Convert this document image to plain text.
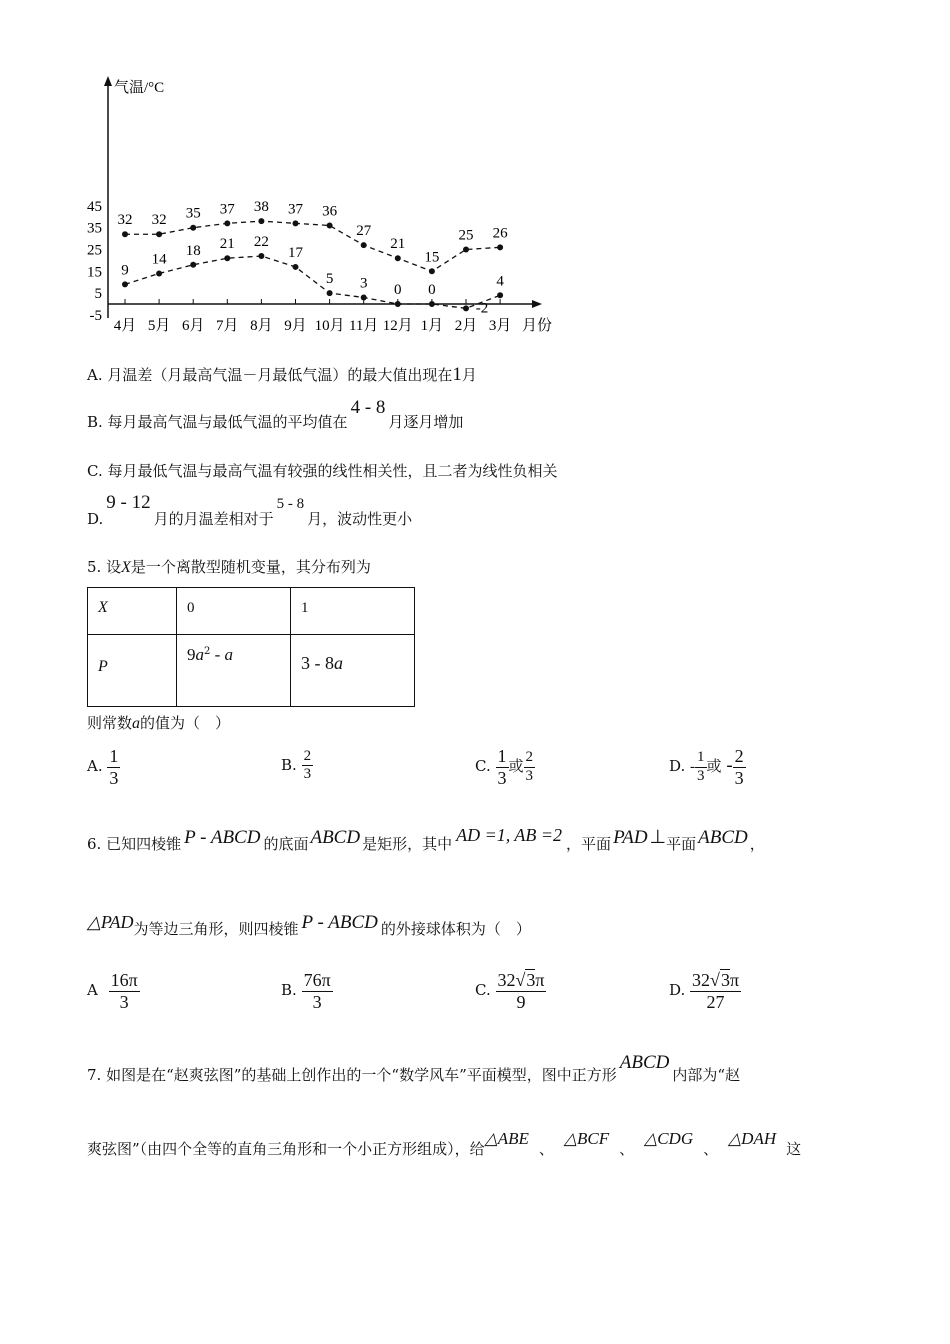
气温/°C
月份
45
35
25
15
5
-5
4月 5月 6月 7月 8月 9月 10月 11月 12月 1月 2月 3月
32 32 35 37 38 37 36
27
21
15
25 26
9
14
18 21 22
17
5 3 0 0
-2
4
A. 月温差（月最高气温－月最低气温）的最大值出现在1月
B. 每月最高气温与最低气温的平均值在4 - 8月逐月增加
C. 每月最低气温与最高气温有较强的线性相关性，且二者为线性负相关
D.9 - 12月的月温差相对于5 - 8月，波动性更小
5. 设X是一个离散型随机变量，其分布列为
X	0	1
P	$9a^2$ - a	3 - 8a
则常数a的值为（　）
A. $\frac{1}{3}$	B. $\frac{2}{3}$	C. $\frac{1}{3}$ 或 $\frac{2}{3}$	D. - $\frac{1}{3}$ 或 - $\frac{2}{3}$
6. 已知四棱锥 P - ABCD 的底面 ABCD 是矩形，其中 AD =1, AB =2 ，平面 PAD ⊥平面 ABCD ，
△PAD为等边三角形，则四棱锥 P - ABCD 的外接球体积为（　）
A $\frac{16\pi}{3}$	B. $\frac{76\pi}{3}$	C. $\frac{32√3\pi}{9}$	D. $\frac{32√3\pi}{27}$
7. 如图是在“赵爽弦图”的基础上创作出的一个“数学风车”平面模型，图中正方形ABCD内部为“赵
爽弦图”（由四个全等的直角三角形和一个小正方形组成），给△ABE、△BCF、△CDG、△DAH这
